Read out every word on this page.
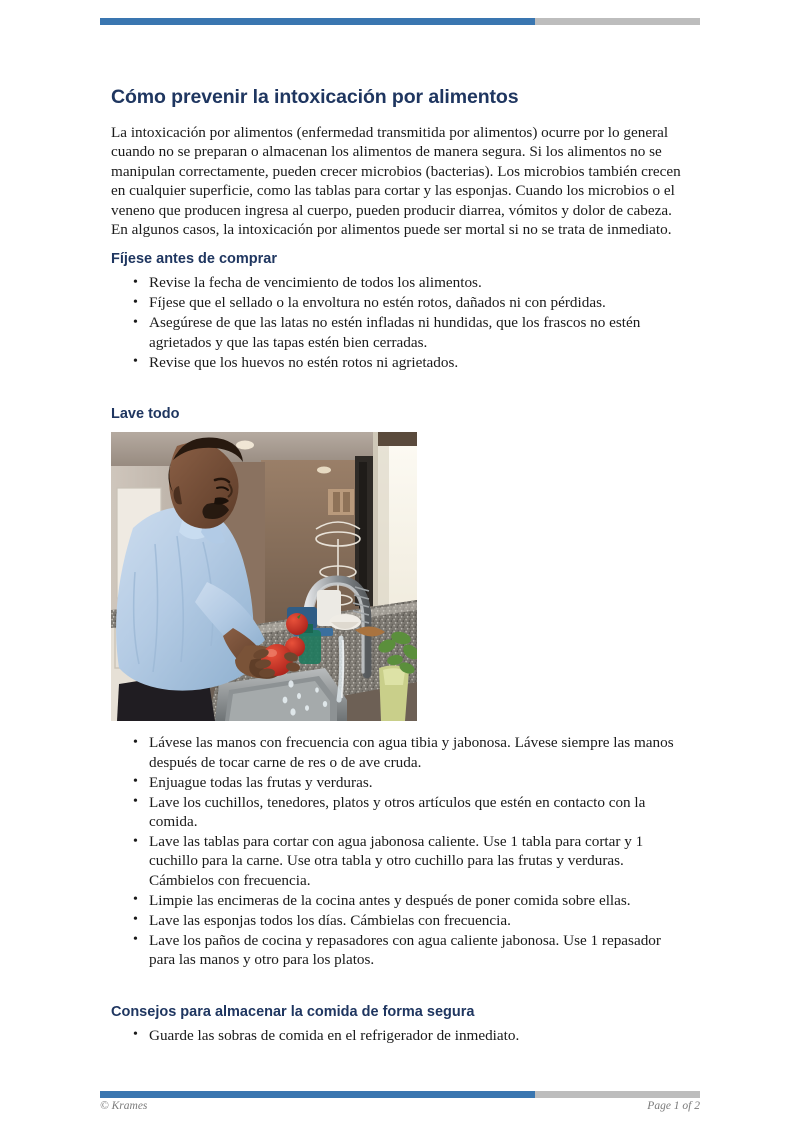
Cómo prevenir la intoxicación por alimentos

La intoxicación por alimentos (enfermedad transmitida por alimentos) ocurre por lo general cuando no se preparan o almacenan los alimentos de manera segura. Si los alimentos no se manipulan correctamente, pueden crecer microbios (bacterias). Los microbios también crecen en cualquier superficie, como las tablas para cortar y las esponjas. Cuando los microbios o el veneno que producen ingresa al cuerpo, pueden producir diarrea, vómitos y dolor de cabeza. En algunos casos, la intoxicación por alimentos puede ser mortal si no se trata de inmediato.

Fíjese antes de comprar
• Revise la fecha de vencimiento de todos los alimentos.
• Fíjese que el sellado o la envoltura no estén rotos, dañados ni con pérdidas.
• Asegúrese de que las latas no estén infladas ni hundidas, que los frascos no estén agrietados y que las tapas estén bien cerradas.
• Revise que los huevos no estén rotos ni agrietados.
Lave todo
• Lávese las manos con frecuencia con agua tibia y jabonosa. Lávese siempre las manos después de tocar carne de res o de ave cruda.
• Enjuague todas las frutas y verduras.
• Lave los cuchillos, tenedores, platos y otros artículos que estén en contacto con la comida.
• Lave las tablas para cortar con agua jabonosa caliente. Use 1 tabla para cortar y 1 cuchillo para la carne. Use otra tabla y otro cuchillo para las frutas y verduras. Cámbielos con frecuencia.
• Limpie las encimeras de la cocina antes y después de poner comida sobre ellas.
• Lave las esponjas todos los días. Cámbielas con frecuencia.
• Lave los paños de cocina y repasadores con agua caliente jabonosa. Use 1 repasador para las manos y otro para los platos.
Consejos para almacenar la comida de forma segura
• Guarde las sobras de comida en el refrigerador de inmediato.
© Krames	Page 1 of 2
